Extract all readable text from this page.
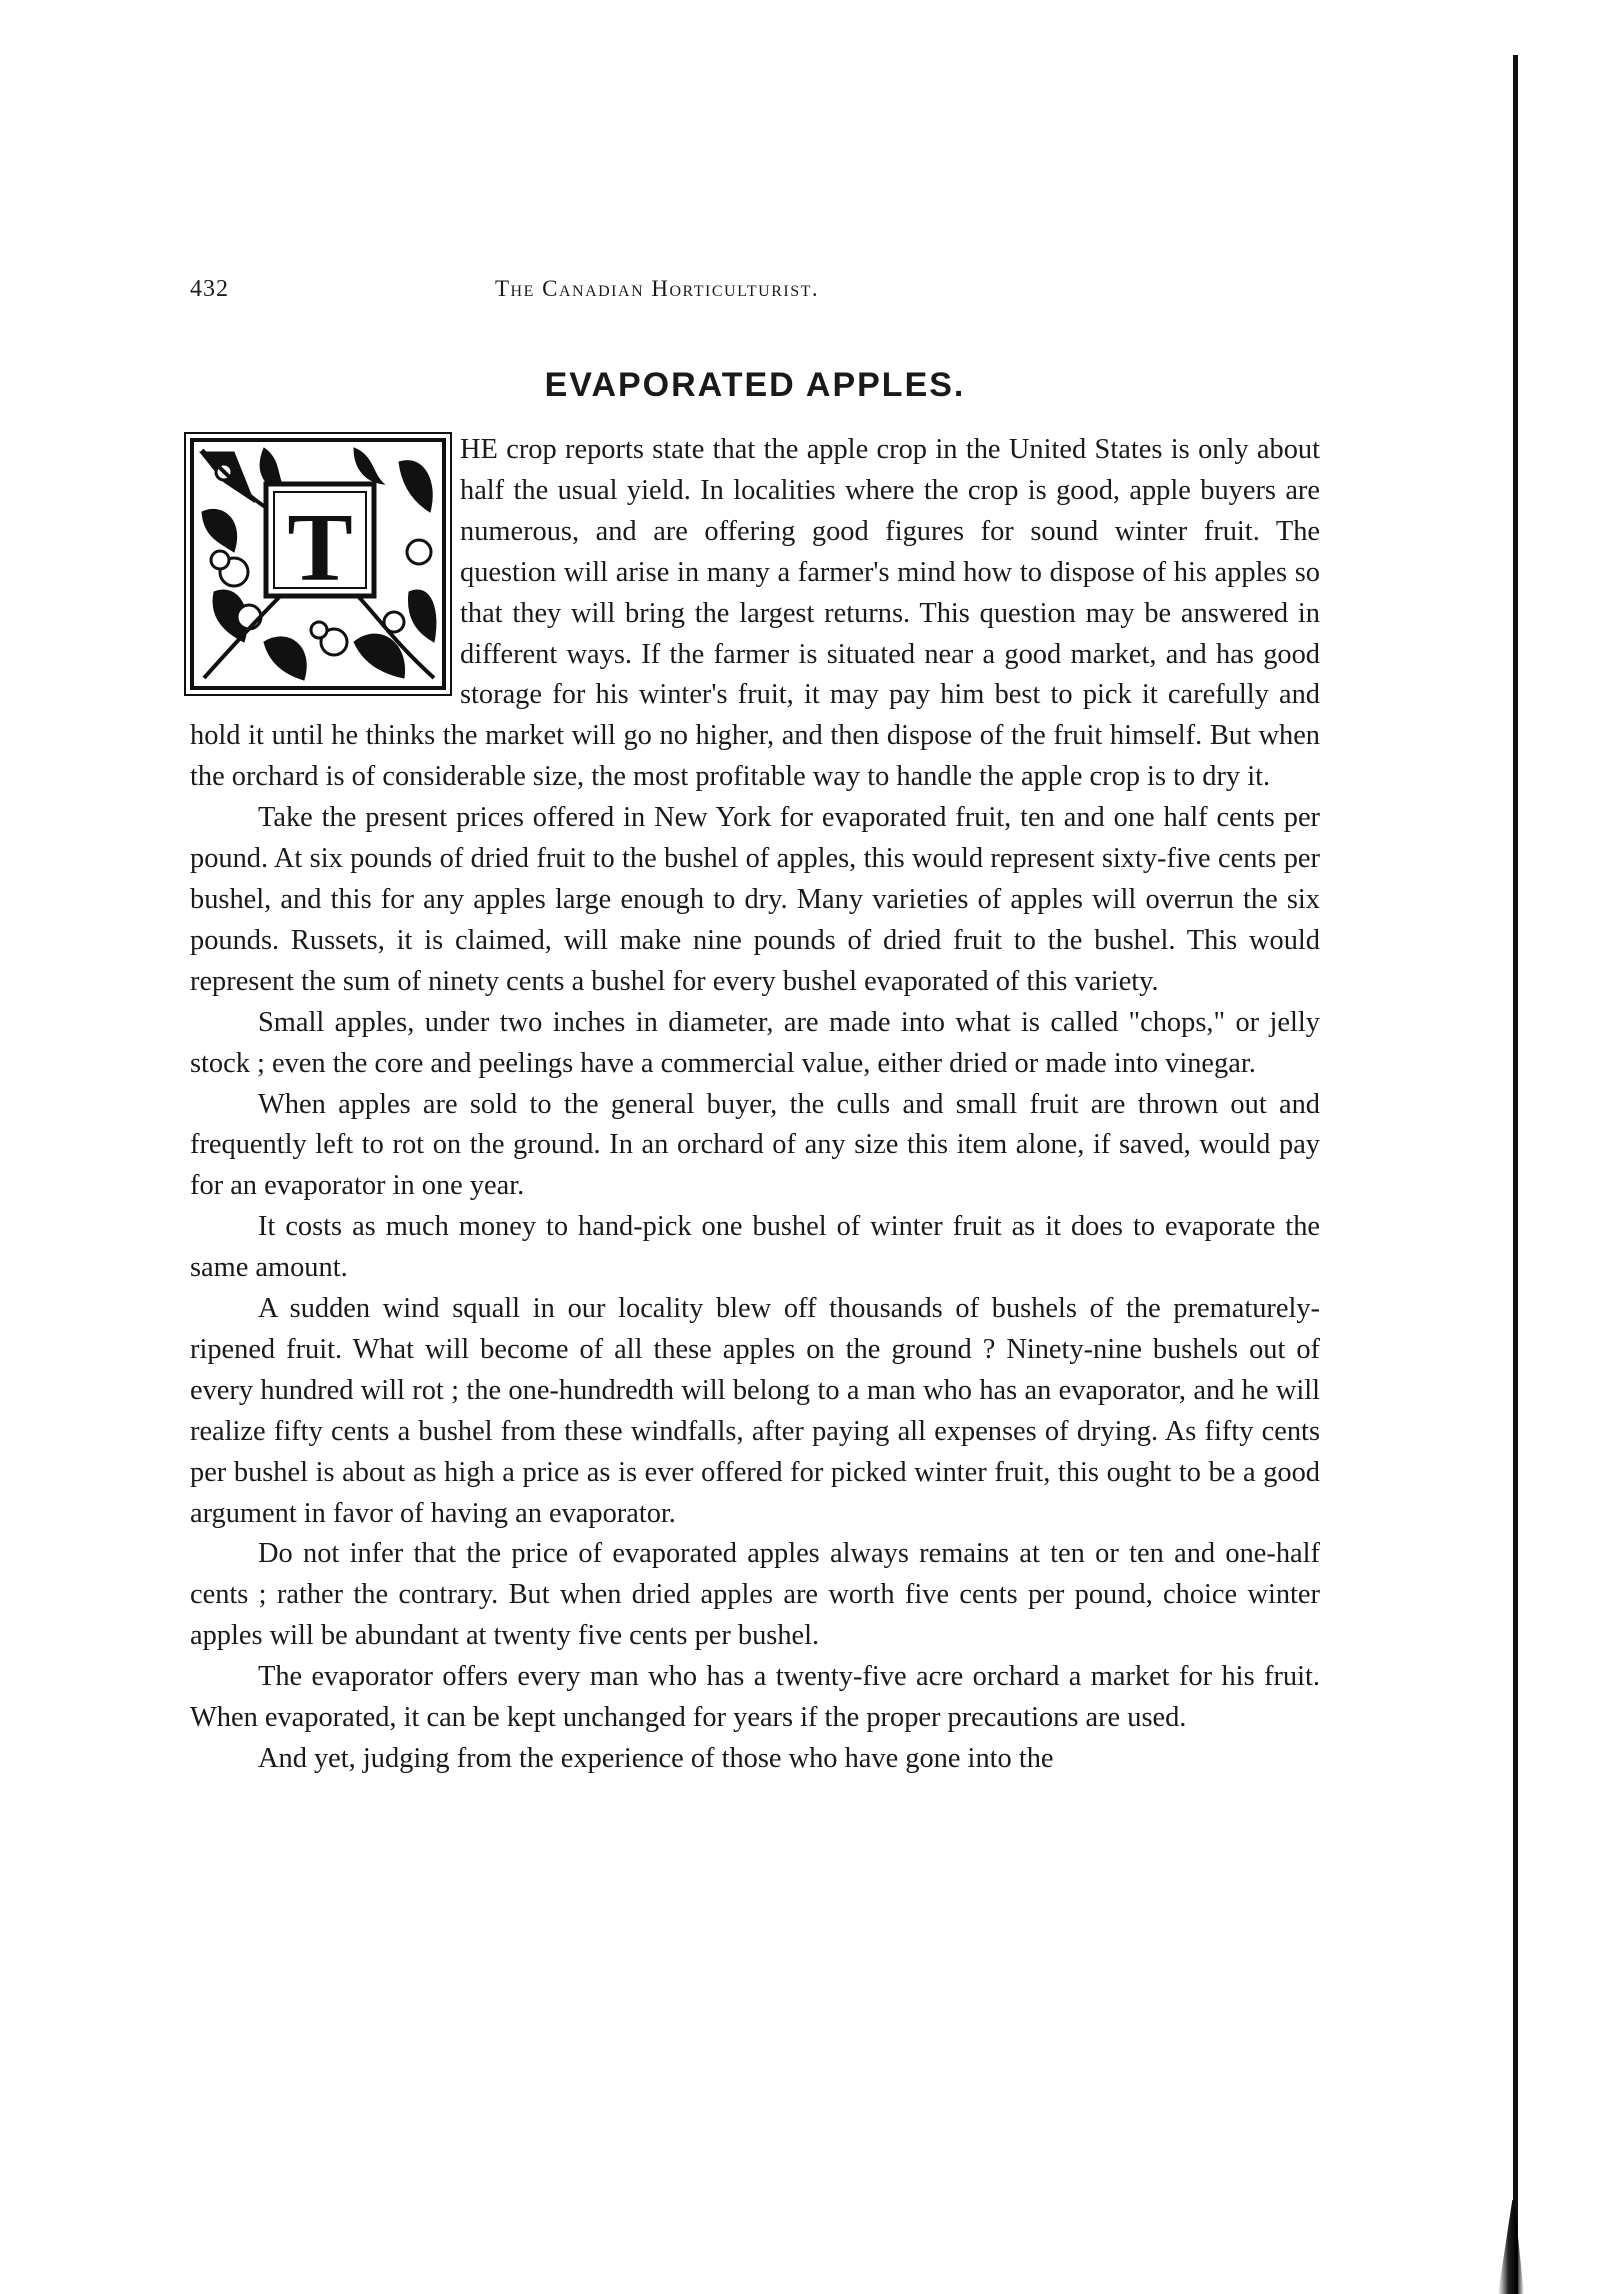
432	The Canadian Horticulturist.
EVAPORATED APPLES.
T

HE crop reports state that the apple crop in the United States is only about half the usual yield. In localities where the crop is good, apple buyers are numerous, and are offering good figures for sound winter fruit. The question will arise in many a farmer's mind how to dispose of his apples so that they will bring the largest returns. This question may be answered in different ways. If the farmer is situated near a good market, and has good storage for his winter's fruit, it may pay him best to pick it carefully and hold it until he thinks the market will go no higher, and then dispose of the fruit himself. But when the orchard is of considerable size, the most profitable way to handle the apple crop is to dry it.

Take the present prices offered in New York for evaporated fruit, ten and one half cents per pound. At six pounds of dried fruit to the bushel of apples, this would represent sixty-five cents per bushel, and this for any apples large enough to dry. Many varieties of apples will overrun the six pounds. Russets, it is claimed, will make nine pounds of dried fruit to the bushel. This would represent the sum of ninety cents a bushel for every bushel evaporated of this variety.

Small apples, under two inches in diameter, are made into what is called "chops," or jelly stock ; even the core and peelings have a commercial value, either dried or made into vinegar.

When apples are sold to the general buyer, the culls and small fruit are thrown out and frequently left to rot on the ground. In an orchard of any size this item alone, if saved, would pay for an evaporator in one year.

It costs as much money to hand-pick one bushel of winter fruit as it does to evaporate the same amount.

A sudden wind squall in our locality blew off thousands of bushels of the prematurely-ripened fruit. What will become of all these apples on the ground ? Ninety-nine bushels out of every hundred will rot ; the one-hundredth will belong to a man who has an evaporator, and he will realize fifty cents a bushel from these windfalls, after paying all expenses of drying. As fifty cents per bushel is about as high a price as is ever offered for picked winter fruit, this ought to be a good argument in favor of having an evaporator.

Do not infer that the price of evaporated apples always remains at ten or ten and one-half cents ; rather the contrary. But when dried apples are worth five cents per pound, choice winter apples will be abundant at twenty five cents per bushel.

The evaporator offers every man who has a twenty-five acre orchard a market for his fruit. When evaporated, it can be kept unchanged for years if the proper precautions are used.

And yet, judging from the experience of those who have gone into the
